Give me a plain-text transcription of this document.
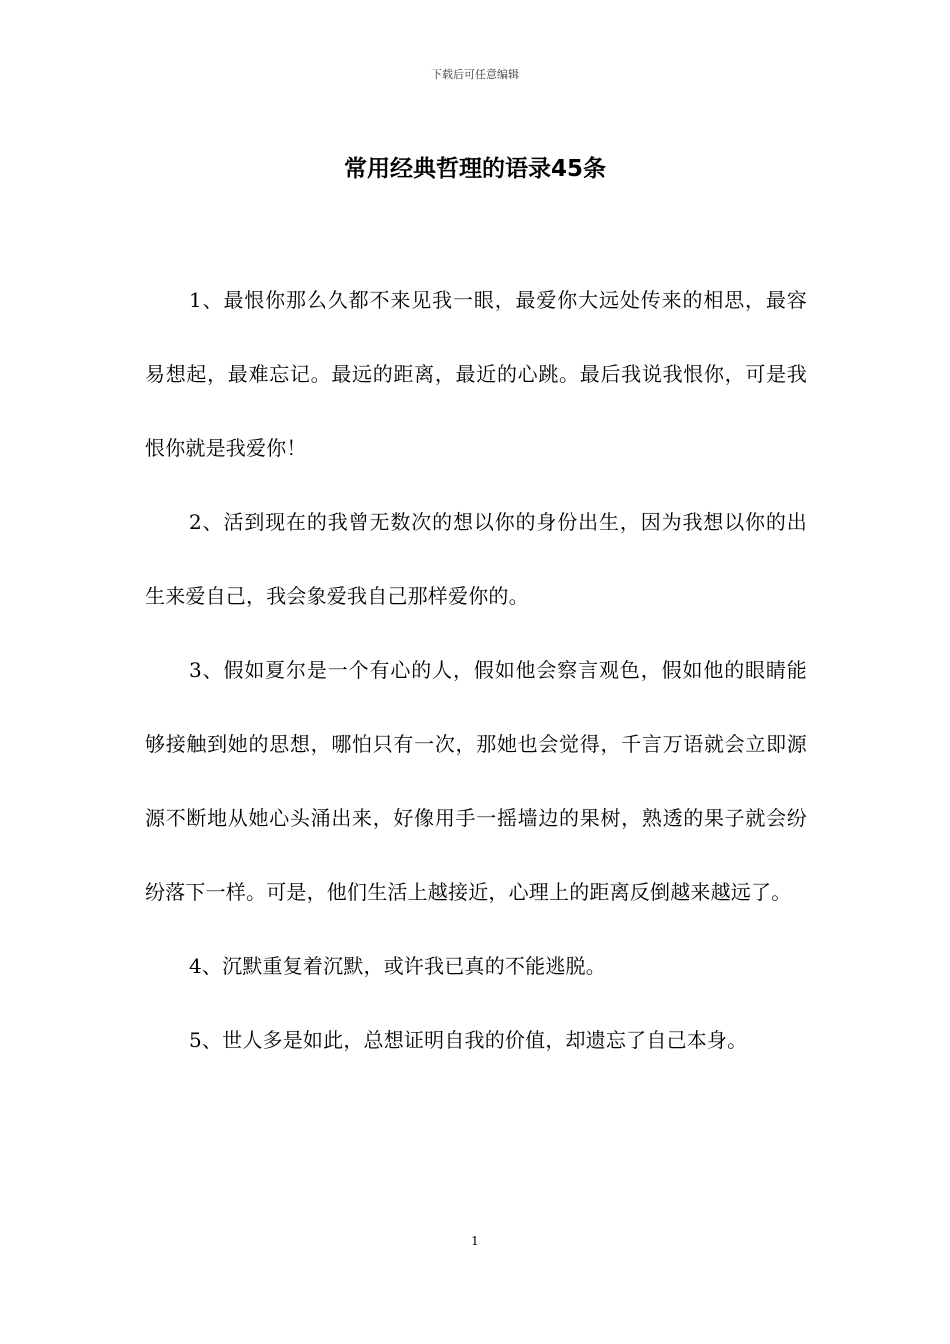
下载后可任意编辑
常用经典哲理的语录45条

1、最恨你那么久都不来见我一眼，最爱你大远处传来的相思，最容易想起，最难忘记。最远的距离，最近的心跳。最后我说我恨你，可是我恨你就是我爱你！

2、活到现在的我曾无数次的想以你的身份出生，因为我想以你的出生来爱自己，我会象爱我自己那样爱你的。

3、假如夏尔是一个有心的人，假如他会察言观色，假如他的眼睛能够接触到她的思想，哪怕只有一次，那她也会觉得，千言万语就会立即源源不断地从她心头涌出来，好像用手一摇墙边的果树，熟透的果子就会纷纷落下一样。可是，他们生活上越接近，心理上的距离反倒越来越远了。

4、沉默重复着沉默，或许我已真的不能逃脱。

5、世人多是如此，总想证明自我的价值，却遗忘了自己本身。

1
